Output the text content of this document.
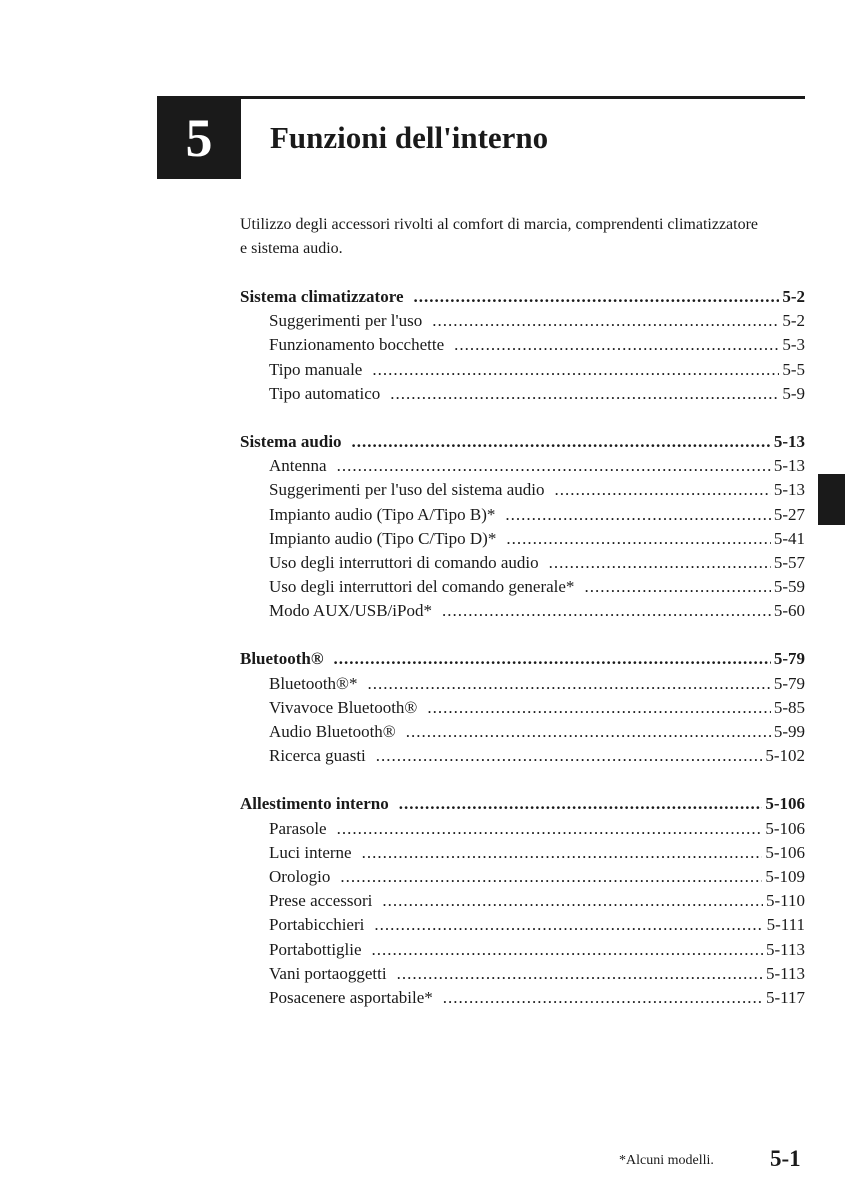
5 Funzioni dell'interno
Utilizzo degli accessori rivolti al comfort di marcia, comprendenti climatizzatore e sistema audio.
Sistema climatizzatore .....	5-2
Suggerimenti per l'uso .....	5-2
Funzionamento bocchette .....	5-3
Tipo manuale .....	5-5
Tipo automatico .....	5-9
Sistema audio .....	5-13
Antenna .....	5-13
Suggerimenti per l'uso del sistema audio .....	5-13
Impianto audio (Tipo A/Tipo B)* .....	5-27
Impianto audio (Tipo C/Tipo D)* .....	5-41
Uso degli interruttori di comando audio .....	5-57
Uso degli interruttori del comando generale* .....	5-59
Modo AUX/USB/iPod* .....	5-60
Bluetooth® .....	5-79
Bluetooth®* .....	5-79
Vivavoce Bluetooth® .....	5-85
Audio Bluetooth® .....	5-99
Ricerca guasti .....	5-102
Allestimento interno .....	5-106
Parasole .....	5-106
Luci interne .....	5-106
Orologio .....	5-109
Prese accessori .....	5-110
Portabicchieri .....	5-111
Portabottiglie .....	5-113
Vani portaoggetti .....	5-113
Posacenere asportabile* .....	5-117
*Alcuni modelli. 5-1
